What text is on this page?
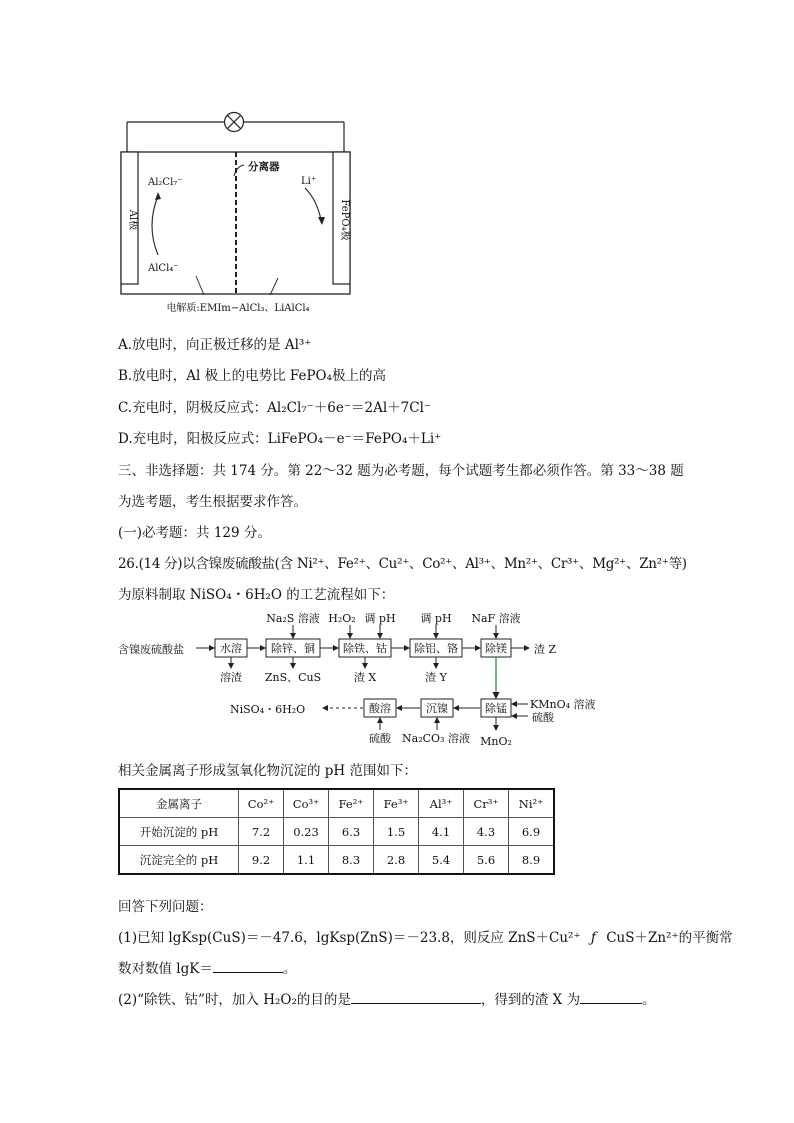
Al极	FePO₄极
分离器
Al₂Cl₇⁻
AlCl₄⁻
Li⁺
电解质:EMIm−AlCl₃、LiAlCl₄
A.放电时，向正极迁移的是 Al³⁺
B.放电时，Al 极上的电势比 FePO₄极上的高
C.充电时，阴极反应式：Al₂Cl₇⁻＋6e⁻＝2Al＋7Cl⁻
D.充电时，阳极反应式：LiFePO₄－e⁻＝FePO₄＋Li⁺
三、非选择题：共 174 分。第 22～32 题为必考题，每个试题考生都必须作答。第 33～38 题
为选考题，考生根据要求作答。
(一)必考题：共 129 分。
26.(14 分)以含镍废硫酸盐(含 Ni²⁺、Fe²⁺、Cu²⁺、Co²⁺、Al³⁺、Mn²⁺、Cr³⁺、Mg²⁺、Zn²⁺等)
为原料制取 NiSO₄・6H₂O 的工艺流程如下：
含镍废硫酸盐	水溶
溶渣
除锌、铜
Na₂S 溶液
ZnS、CuS
除铁、钴
H₂O₂ 调 pH
渣 X
除铝、铬
调 pH
渣 Y
除镁
NaF 溶液
渣 Z
除锰 KMnO₄ 溶液
硫酸
MnO₂
沉镍
Na₂CO₃ 溶液
酸溶
硫酸
NiSO₄・6H₂O
相关金属离子形成氢氧化物沉淀的 pH 范围如下：
金属离子	Co²⁺	Co³⁺	Fe²⁺	Fe³⁺	Al³⁺	Cr³⁺	Ni²⁺
开始沉淀的 pH	7.2	0.23	6.3	1.5	4.1	4.3	6.9
沉淀完全的 pH	9.2	1.1	8.3	2.8	5.4	5.6	8.9
回答下列问题：
(1)已知 lgKsp(CuS)＝－47.6，lgKsp(ZnS)＝－23.8，则反应 ZnS＋Cu²⁺ ƒ CuS＋Zn²⁺的平衡常
数对数值 lgK＝	。
(2)“除铁、钴”时，加入 H₂O₂的目的是	，得到的渣 X 为	。
